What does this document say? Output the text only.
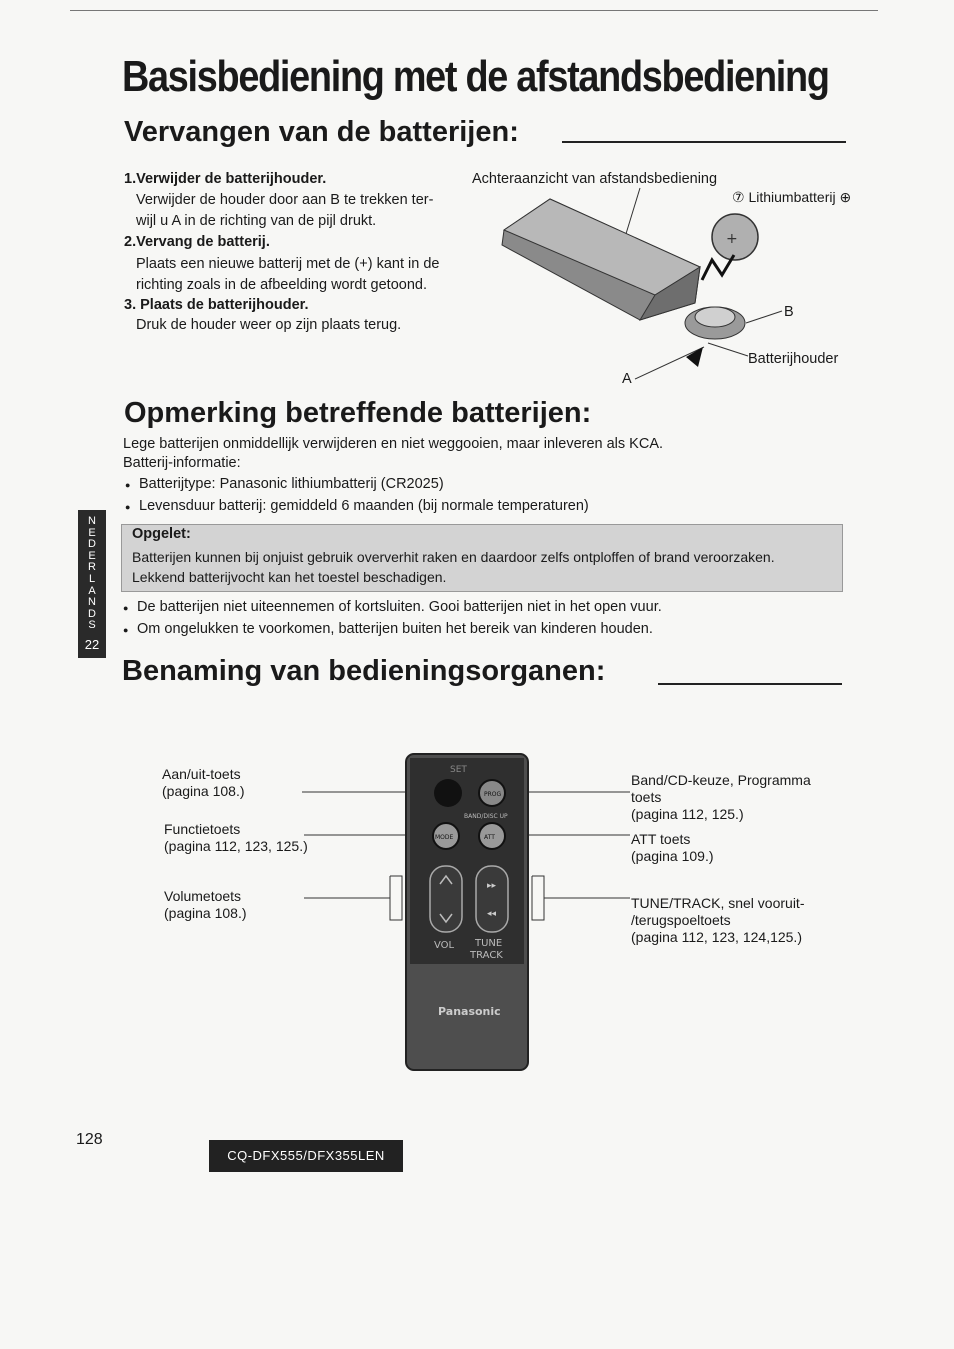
Basisbediening met de afstandsbediening
Vervangen van de batterijen:
1.Verwijder de batterijhouder.
Verwijder de houder door aan B te trekken ter-
wijl u A in de richting van de pijl drukt.
2.Vervang de batterij.
Plaats een nieuwe batterij met de (+) kant in de
richting zoals in de afbeelding wordt getoond.
3. Plaats de batterijhouder.
Druk de houder weer op zijn plaats terug.
Achteraanzicht van afstandsbediening
+
⑦ Lithiumbatterij ⊕
B
Batterijhouder
A
Opmerking betreffende batterijen:
Lege batterijen onmiddellijk verwijderen en niet weggooien, maar inleveren als KCA.
Batterij-informatie:
● Batterijtype: Panasonic lithiumbatterij (CR2025)
● Levensduur batterij: gemiddeld 6 maanden (bij normale temperaturen)
Opgelet:
Batterijen kunnen bij onjuist gebruik oververhit raken en daardoor zelfs ontploffen of brand veroorzaken.
Lekkend batterijvocht kan het toestel beschadigen.
● De batterijen niet uiteennemen of kortsluiten. Gooi batterijen niet in het open vuur.
● Om ongelukken te voorkomen, batterijen buiten het bereik van kinderen houden.
N
E
D
E
R
L
A
N
D
S
22
Benaming van bedieningsorganen:
Aan/uit-toets
(pagina 108.)
Functietoets
(pagina 112, 123, 125.)
Volumetoets
(pagina 108.)
Band/CD-keuze, Programma
toets
(pagina 112, 125.)
ATT toets
(pagina 109.)
TUNE/TRACK, snel vooruit-
/terugspoeltoets
(pagina 112, 123, 124,125.)
▸▸
◂◂
SET
PROG
BAND/DISC UP
MODE	ATT
VOL TUNE
TRACK
Panasonic
128
CQ-DFX555/DFX355LEN
